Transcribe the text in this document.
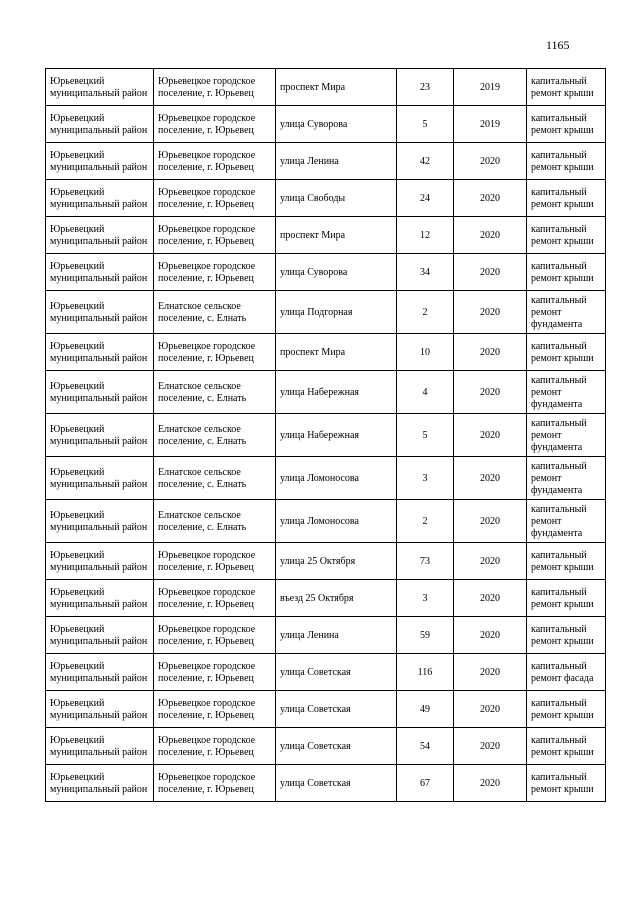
1165
Юрьевецкий муниципальный район	Юрьевецкое городское поселение, г. Юрьевец	проспект Мира	23	2019	капитальный ремонт крыши
Юрьевецкий муниципальный район	Юрьевецкое городское поселение, г. Юрьевец	улица Суворова	5	2019	капитальный ремонт крыши
Юрьевецкий муниципальный район	Юрьевецкое городское поселение, г. Юрьевец	улица Ленина	42	2020	капитальный ремонт крыши
Юрьевецкий муниципальный район	Юрьевецкое городское поселение, г. Юрьевец	улица Свободы	24	2020	капитальный ремонт крыши
Юрьевецкий муниципальный район	Юрьевецкое городское поселение, г. Юрьевец	проспект Мира	12	2020	капитальный ремонт крыши
Юрьевецкий муниципальный район	Юрьевецкое городское поселение, г. Юрьевец	улица Суворова	34	2020	капитальный ремонт крыши
Юрьевецкий муниципальный район	Елнатское сельское поселение, с. Елнать	улица Подгорная	2	2020	капитальный ремонт фундамента
Юрьевецкий муниципальный район	Юрьевецкое городское поселение, г. Юрьевец	проспект Мира	10	2020	капитальный ремонт крыши
Юрьевецкий муниципальный район	Елнатское сельское поселение, с. Елнать	улица Набережная	4	2020	капитальный ремонт фундамента
Юрьевецкий муниципальный район	Елнатское сельское поселение, с. Елнать	улица Набережная	5	2020	капитальный ремонт фундамента
Юрьевецкий муниципальный район	Елнатское сельское поселение, с. Елнать	улица Ломоносова	3	2020	капитальный ремонт фундамента
Юрьевецкий муниципальный район	Елнатское сельское поселение, с. Елнать	улица Ломоносова	2	2020	капитальный ремонт фундамента
Юрьевецкий муниципальный район	Юрьевецкое городское поселение, г. Юрьевец	улица 25 Октября	73	2020	капитальный ремонт крыши
Юрьевецкий муниципальный район	Юрьевецкое городское поселение, г. Юрьевец	въезд 25 Октября	3	2020	капитальный ремонт крыши
Юрьевецкий муниципальный район	Юрьевецкое городское поселение, г. Юрьевец	улица Ленина	59	2020	капитальный ремонт крыши
Юрьевецкий муниципальный район	Юрьевецкое городское поселение, г. Юрьевец	улица Советская	116	2020	капитальный ремонт фасада
Юрьевецкий муниципальный район	Юрьевецкое городское поселение, г. Юрьевец	улица Советская	49	2020	капитальный ремонт крыши
Юрьевецкий муниципальный район	Юрьевецкое городское поселение, г. Юрьевец	улица Советская	54	2020	капитальный ремонт крыши
Юрьевецкий муниципальный район	Юрьевецкое городское поселение, г. Юрьевец	улица Советская	67	2020	капитальный ремонт крыши
